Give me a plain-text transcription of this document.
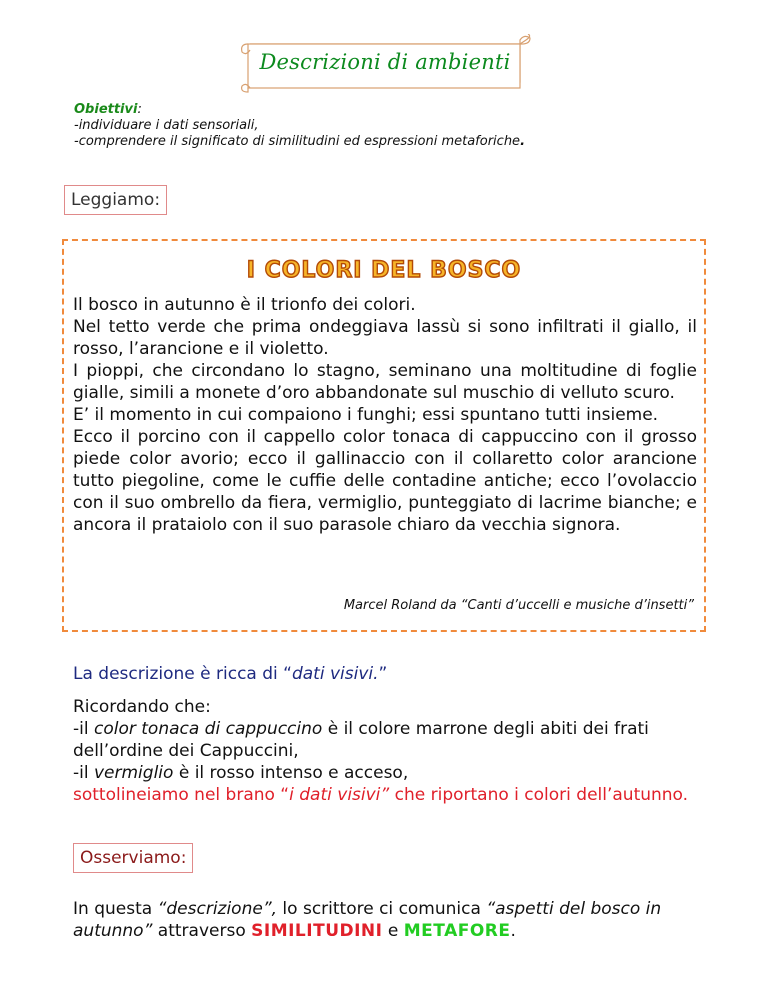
Descrizioni di ambienti
Obiettivi:
-individuare i dati sensoriali,
-comprendere il significato di similitudini ed espressioni metaforiche.
Leggiamo:
I COLORI DEL BOSCO

Il bosco in autunno è il trionfo dei colori.

Nel tetto verde che prima ondeggiava lassù si sono infiltrati il giallo, il rosso, l’arancione e il violetto.

I pioppi, che circondano lo stagno, seminano una moltitudine di foglie gialle, simili a monete d’oro abbandonate sul muschio di velluto scuro.

E’ il momento in cui compaiono i funghi; essi spuntano tutti insieme.

Ecco il porcino con il cappello color tonaca di cappuccino con il grosso piede color avorio; ecco il gallinaccio con il collaretto color arancione tutto piegoline, come le cuffie delle contadine antiche; ecco l’ovolaccio con il suo ombrello da fiera, vermiglio, punteggiato di lacrime bianche; e ancora il prataiolo con il suo parasole chiaro da vecchia signora.

Marcel Roland da “Canti d’uccelli e musiche d’insetti”
La descrizione è ricca di “dati visivi.”

Ricordando che:

-il color tonaca di cappuccino è il colore marrone degli abiti dei frati dell’ordine dei Cappuccini,

-il vermiglio è il rosso intenso e acceso,

sottolineiamo nel brano “i dati visivi” che riportano i colori dell’autunno.

Osserviamo:
In questa “descrizione”, lo scrittore ci comunica “aspetti del bosco in autunno” attraverso SIMILITUDINI e METAFORE.
